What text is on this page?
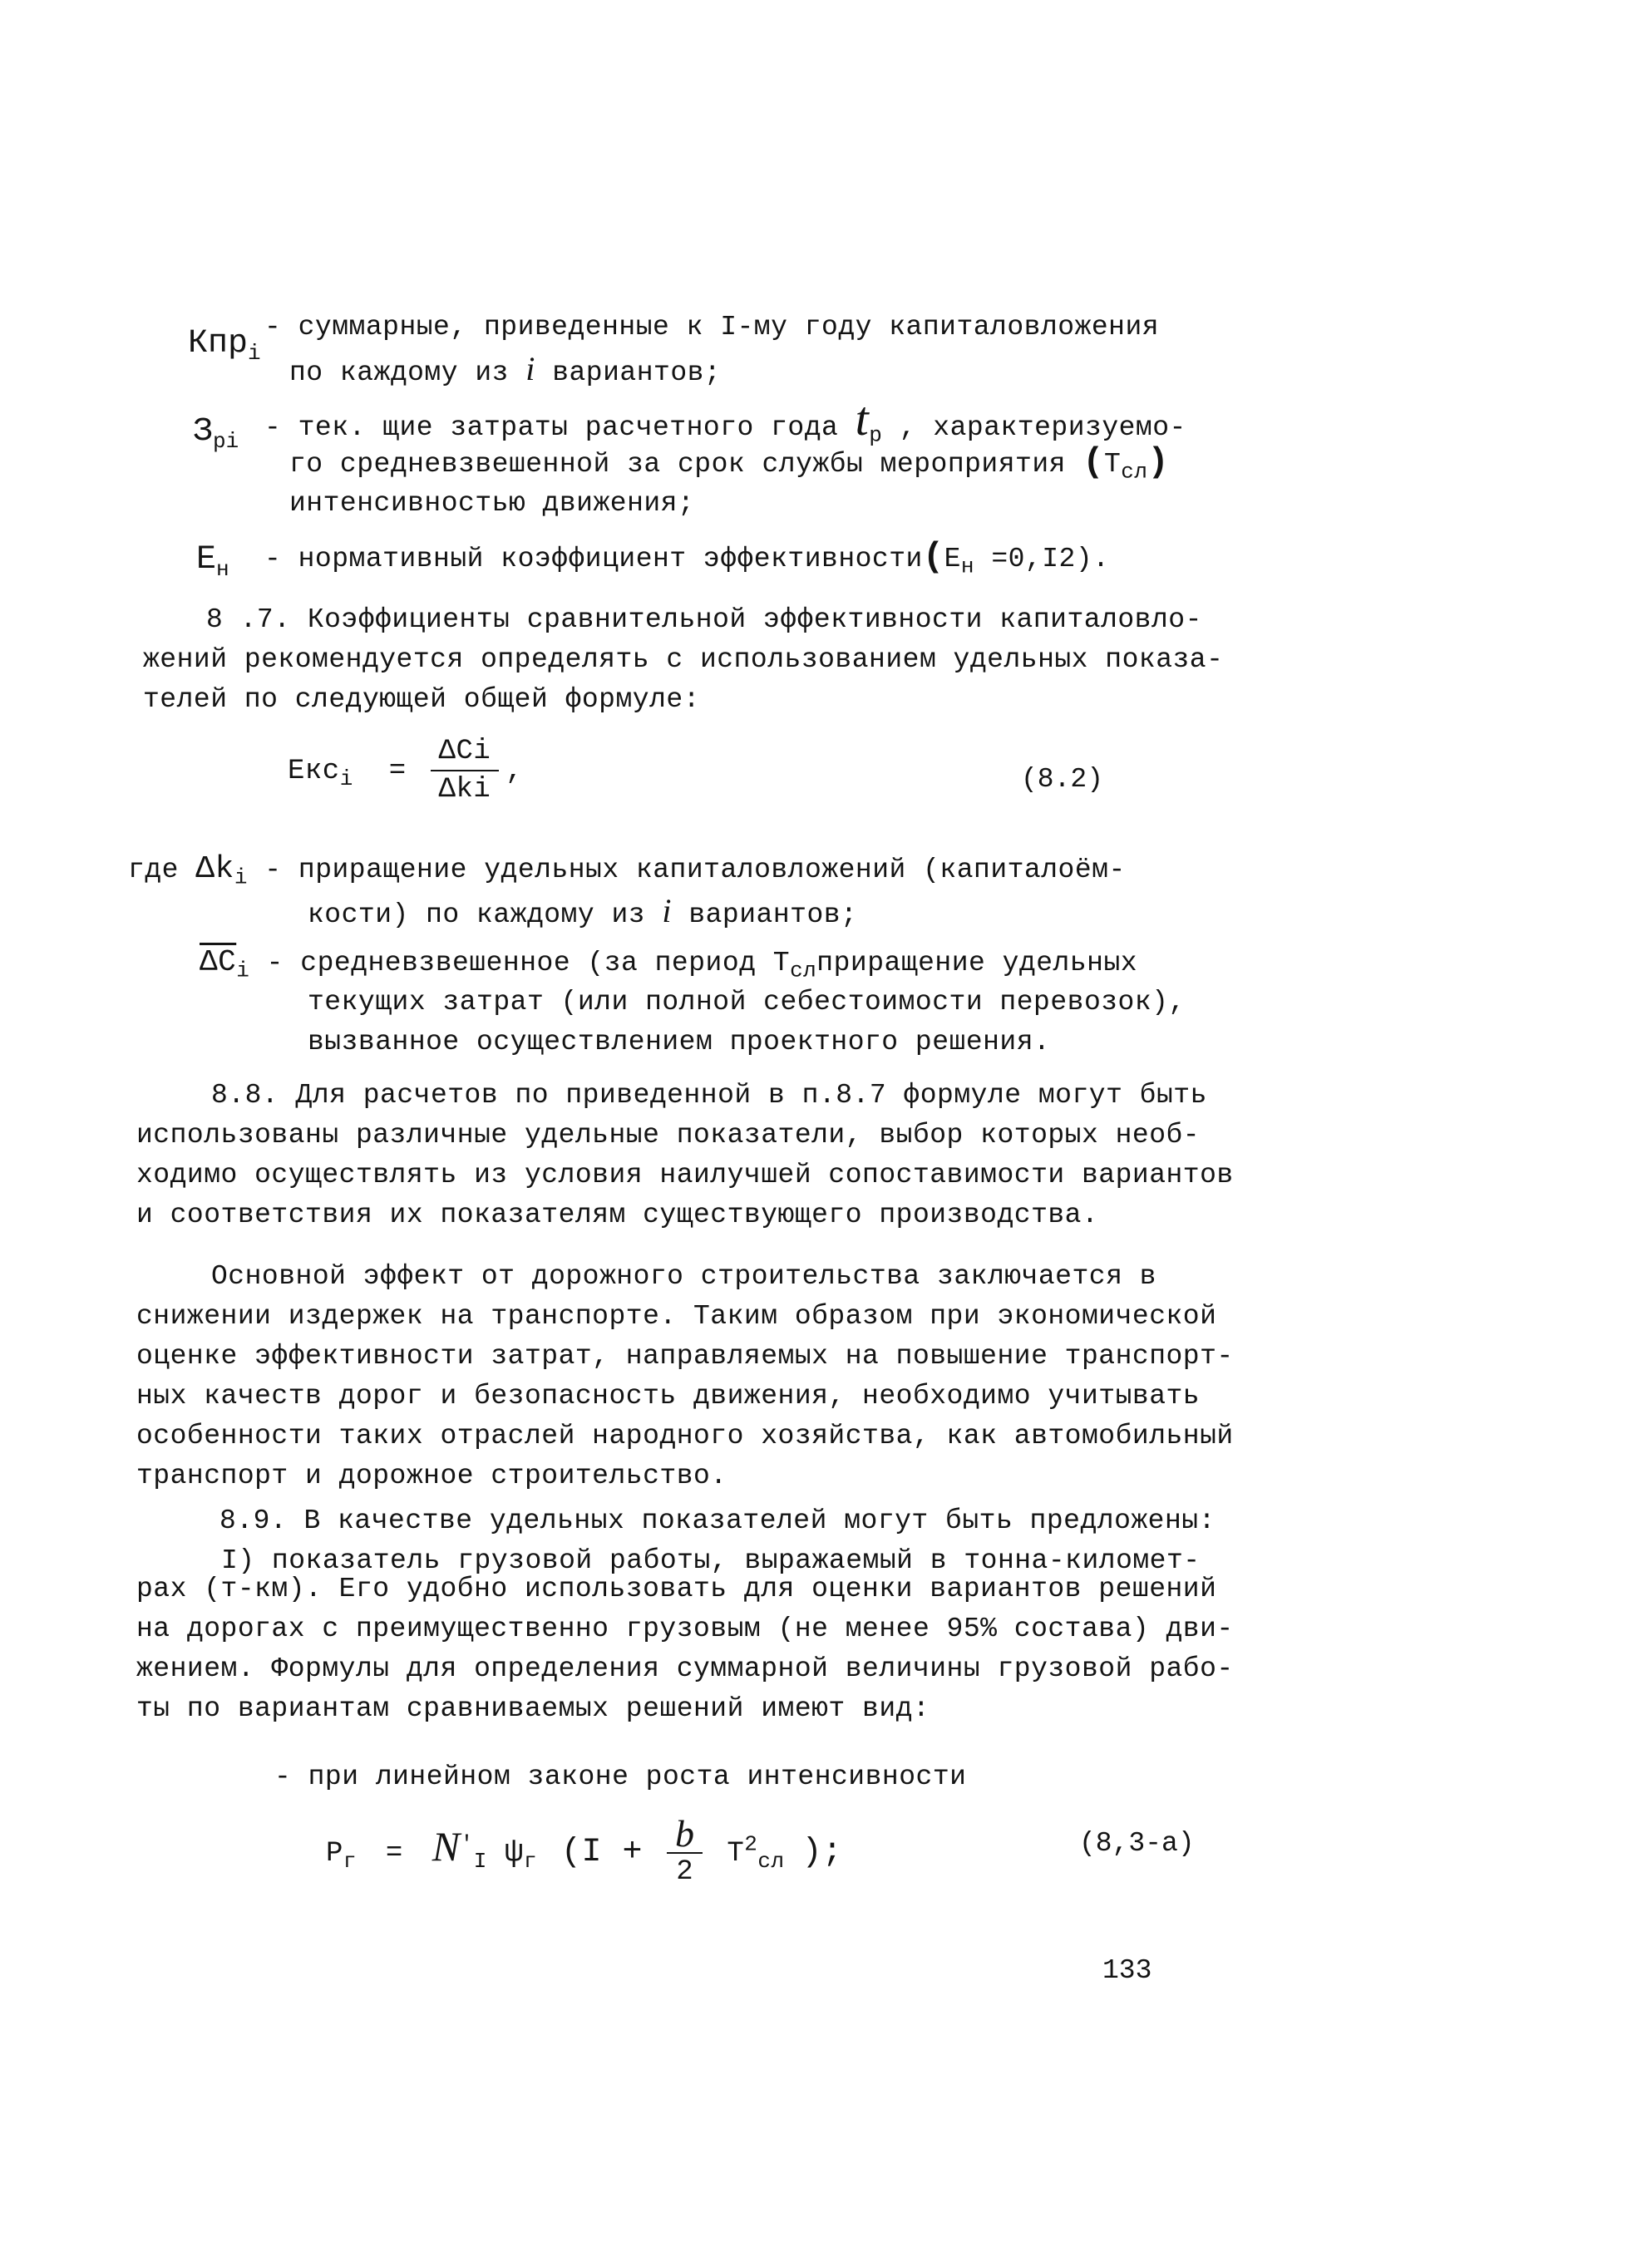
Кпр$_i$
- суммарные, приведенные к I-му году капиталовложения
по каждому из i вариантов;
$З_{pi}$ - тек. щие затраты расчетного года $t_p$ , характеризуемо-
го средневзвешенной за срок службы мероприятия $(Т_{сл})$
интенсивностью движения;
$Е_н$ - нормативный коэффициент $эффективности(Е_н =0,I2)$.
8 .7. Коэффициенты сравнительной эффективности капиталовло-
жений рекомендуется определять с использованием удельных показа-
телей по следующей общей формуле:
$Екс_i = \frac{\text{ΔCi}}{\text{Δki}}$ ,	(8.2)
где $\Delta k_i$ - приращение удельных капиталовложений (капиталоём-
кости) по каждому из i вариантов;
$\overline{\Delta C}_i$ - средневзвешенное (за период $Т_{сл}приращение$ удельных
текущих затрат (или полной себестоимости перевозок),
вызванное осуществлением проектного решения.
8.8. Для расчетов по приведенной в п.8.7 формуле могут быть
использованы различные удельные показатели, выбор которых необ-
ходимо осуществлять из условия наилучшей сопоставимости вариантов
и соответствия их показателям существующего производства.
Основной эффект от дорожного строительства заключается в
снижении издержек на транспорте. Таким образом при экономической
оценке эффективности затрат, направляемых на повышение транспорт-
ных качеств дорог и безопасность движения, необходимо учитывать
особенности таких отраслей народного хозяйства, как автомобильный
транспорт и дорожное строительство.
8.9. В качестве удельных показателей могут быть предложены:
I) показатель грузовой работы, выражаемый в тонна-километ-
рах (т-км). Его удобно использовать для оценки вариантов решений
на дорогах с преимущественно грузовым (не менее 95% состава) дви-
жением. Формулы для определения суммарной величины грузовой рабо-
ты по вариантам сравниваемых решений имеют вид:
- при линейном законе роста интенсивности
$Р_г = N'_I$ $\psi_г$ ($I + \frac{b}{2} Т^2_{сл}$ );	(8,3-а)
133
